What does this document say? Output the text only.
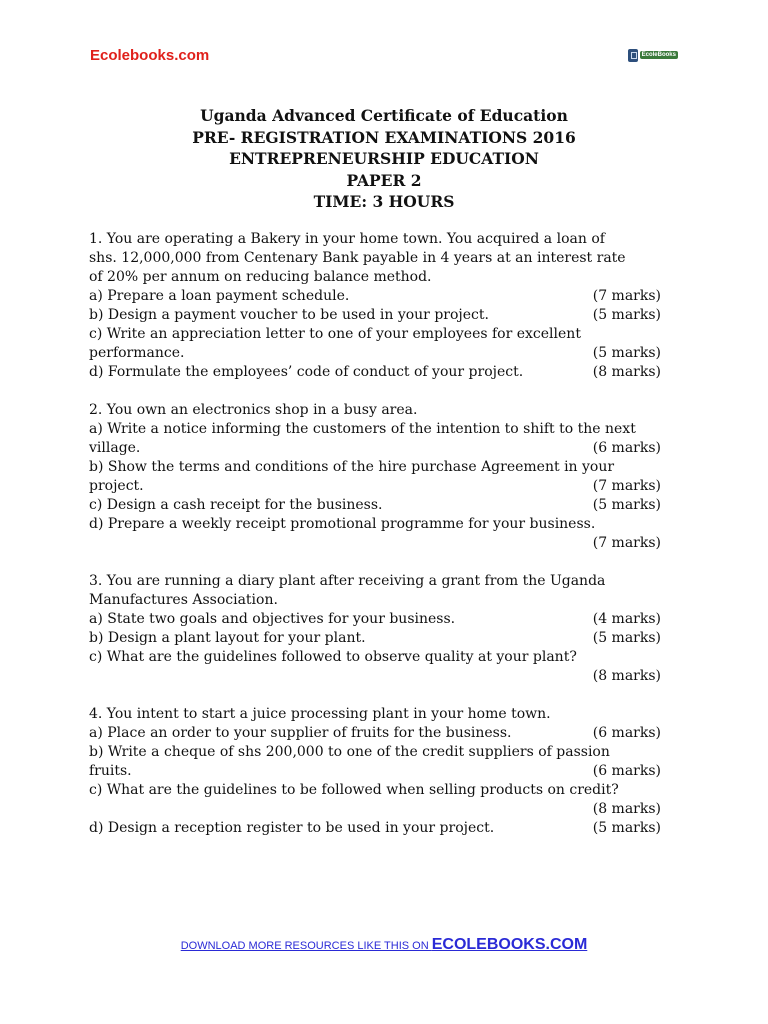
Ecolebooks.com	EcoleBooks
Uganda Advanced Certificate of Education
PRE- REGISTRATION EXAMINATIONS 2016
ENTREPRENEURSHIP EDUCATION
PAPER 2
TIME: 3 HOURS
1. You are operating a Bakery in your home town. You acquired a loan of
shs. 12,000,000 from Centenary Bank payable in 4 years at an interest rate
of 20% per annum on reducing balance method.
a) Prepare a loan payment schedule.	(7 marks)
b) Design a payment voucher to be used in your project.	(5 marks)
c) Write an appreciation letter to one of your employees for excellent
performance.	(5 marks)
d) Formulate the employees’ code of conduct of your project.	(8 marks)
2. You own an electronics shop in a busy area.
a) Write a notice informing the customers of the intention to shift to the next
village.	(6 marks)
b) Show the terms and conditions of the hire purchase Agreement in your
project.	(7 marks)
c) Design a cash receipt for the business.	(5 marks)
d) Prepare a weekly receipt promotional programme for your business.
(7 marks)
3. You are running a diary plant after receiving a grant from the Uganda
Manufactures Association.
a) State two goals and objectives for your business.	(4 marks)
b) Design a plant layout for your plant.	(5 marks)
c) What are the guidelines followed to observe quality at your plant?
(8 marks)
4. You intent to start a juice processing plant in your home town.
a) Place an order to your supplier of fruits for the business.	(6 marks)
b) Write a cheque of shs 200,000 to one of the credit suppliers of passion
fruits.	(6 marks)
c) What are the guidelines to be followed when selling products on credit?
(8 marks)
d) Design a reception register to be used in your project.	(5 marks)
DOWNLOAD MORE RESOURCES LIKE THIS ON ECOLEBOOKS.COM
